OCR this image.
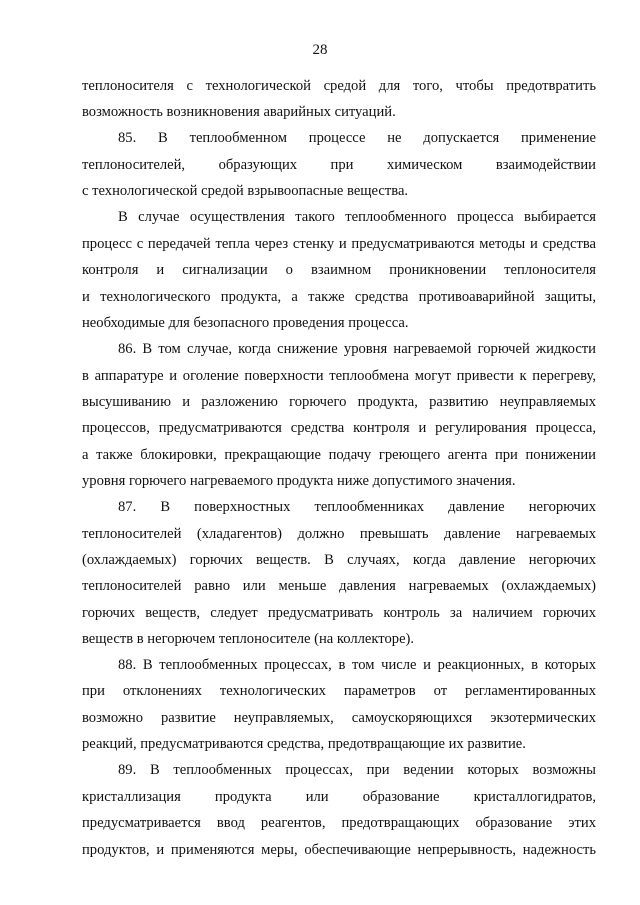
28
теплоносителя с технологической средой для того, чтобы предотвратить
возможность возникновения аварийных ситуаций.
85. В теплообменном процессе не допускается применение
теплоносителей, образующих при химическом взаимодействии
с технологической средой взрывоопасные вещества.
В случае осуществления такого теплообменного процесса выбирается
процесс с передачей тепла через стенку и предусматриваются методы и средства
контроля и сигнализации о взаимном проникновении теплоносителя
и технологического продукта, а также средства противоаварийной защиты,
необходимые для безопасного проведения процесса.
86. В том случае, когда снижение уровня нагреваемой горючей жидкости
в аппаратуре и оголение поверхности теплообмена могут привести к перегреву,
высушиванию и разложению горючего продукта, развитию неуправляемых
процессов, предусматриваются средства контроля и регулирования процесса,
а также блокировки, прекращающие подачу греющего агента при понижении
уровня горючего нагреваемого продукта ниже допустимого значения.
87. В поверхностных теплообменниках давление негорючих
теплоносителей (хладагентов) должно превышать давление нагреваемых
(охлаждаемых) горючих веществ. В случаях, когда давление негорючих
теплоносителей равно или меньше давления нагреваемых (охлаждаемых)
горючих веществ, следует предусматривать контроль за наличием горючих
веществ в негорючем теплоносителе (на коллекторе).
88. В теплообменных процессах, в том числе и реакционных, в которых
при отклонениях технологических параметров от регламентированных
возможно развитие неуправляемых, самоускоряющихся экзотермических
реакций, предусматриваются средства, предотвращающие их развитие.
89. В теплообменных процессах, при ведении которых возможны
кристаллизация продукта или образование кристаллогидратов,
предусматривается ввод реагентов, предотвращающих образование этих
продуктов, и применяются меры, обеспечивающие непрерывность, надежность
